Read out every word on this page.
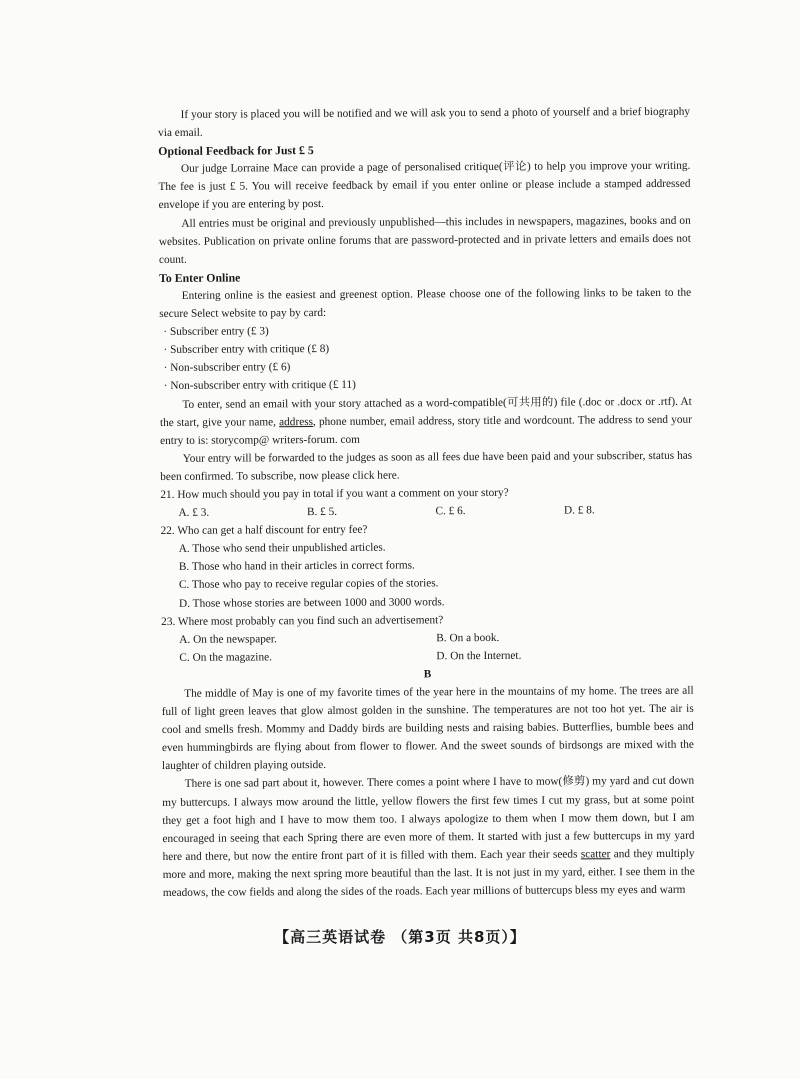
If your story is placed you will be notified and we will ask you to send a photo of yourself and a brief biography via email.

Optional Feedback for Just £ 5

Our judge Lorraine Mace can provide a page of personalised critique(评论) to help you improve your writing. The fee is just £ 5. You will receive feedback by email if you enter online or please include a stamped addressed envelope if you are entering by post.

All entries must be original and previously unpublished—this includes in newspapers, magazines, books and on websites. Publication on private online forums that are password-protected and in private letters and emails does not count.

To Enter Online

Entering online is the easiest and greenest option. Please choose one of the following links to be taken to the secure Select website to pay by card:

· Subscriber entry (£ 3)

· Subscriber entry with critique (£ 8)

· Non-subscriber entry (£ 6)

· Non-subscriber entry with critique (£ 11)

To enter, send an email with your story attached as a word-compatible(可共用的) file (.doc or .docx or .rtf). At the start, give your name, address, phone number, email address, story title and wordcount. The address to send your entry to is: storycomp@ writers-forum. com

Your entry will be forwarded to the judges as soon as all fees due have been paid and your subscriber, status has been confirmed. To subscribe, now please click here.

21. How much should you pay in total if you want a comment on your story?

A. £ 3.	B. £ 5.	C. £ 6.	D. £ 8.

22. Who can get a half discount for entry fee?

A. Those who send their unpublished articles.

B. Those who hand in their articles in correct forms.

C. Those who pay to receive regular copies of the stories.

D. Those whose stories are between 1000 and 3000 words.

23. Where most probably can you find such an advertisement?

A. On the newspaper.	B. On a book.
C. On the magazine.	D. On the Internet.

B

The middle of May is one of my favorite times of the year here in the mountains of my home. The trees are all full of light green leaves that glow almost golden in the sunshine. The temperatures are not too hot yet. The air is cool and smells fresh. Mommy and Daddy birds are building nests and raising babies. Butterflies, bumble bees and even hummingbirds are flying about from flower to flower. And the sweet sounds of birdsongs are mixed with the laughter of children playing outside.

There is one sad part about it, however. There comes a point where I have to mow(修剪) my yard and cut down my buttercups. I always mow around the little, yellow flowers the first few times I cut my grass, but at some point they get a foot high and I have to mow them too. I always apologize to them when I mow them down, but I am encouraged in seeing that each Spring there are even more of them. It started with just a few buttercups in my yard here and there, but now the entire front part of it is filled with them. Each year their seeds scatter and they multiply more and more, making the next spring more beautiful than the last. It is not just in my yard, either. I see them in the meadows, the cow fields and along the sides of the roads. Each year millions of buttercups bless my eyes and warm

【高三英语试卷 （第3页 共8页）】
